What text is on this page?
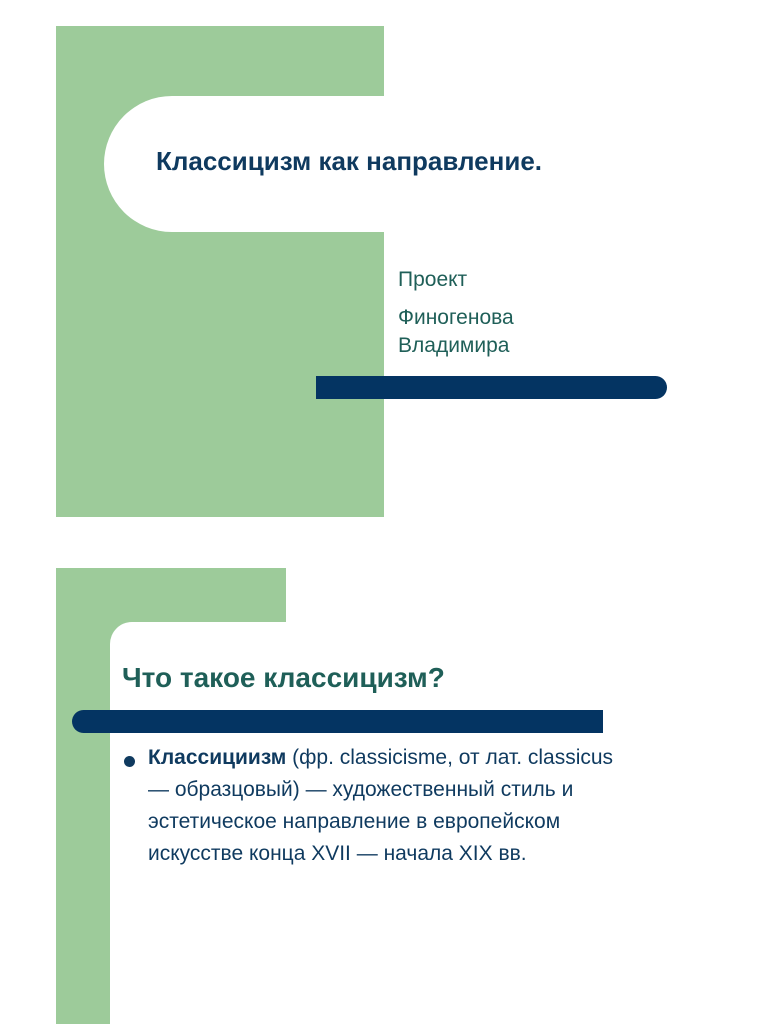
Классицизм как направление.
Проект
Финогенова
Владимира
Что такое классицизм?
Классициизм (фр. classicisme, от лат. classicus — образцовый) — художественный стиль и эстетическое направление в европейском искусстве конца XVII — начала XIX вв.
